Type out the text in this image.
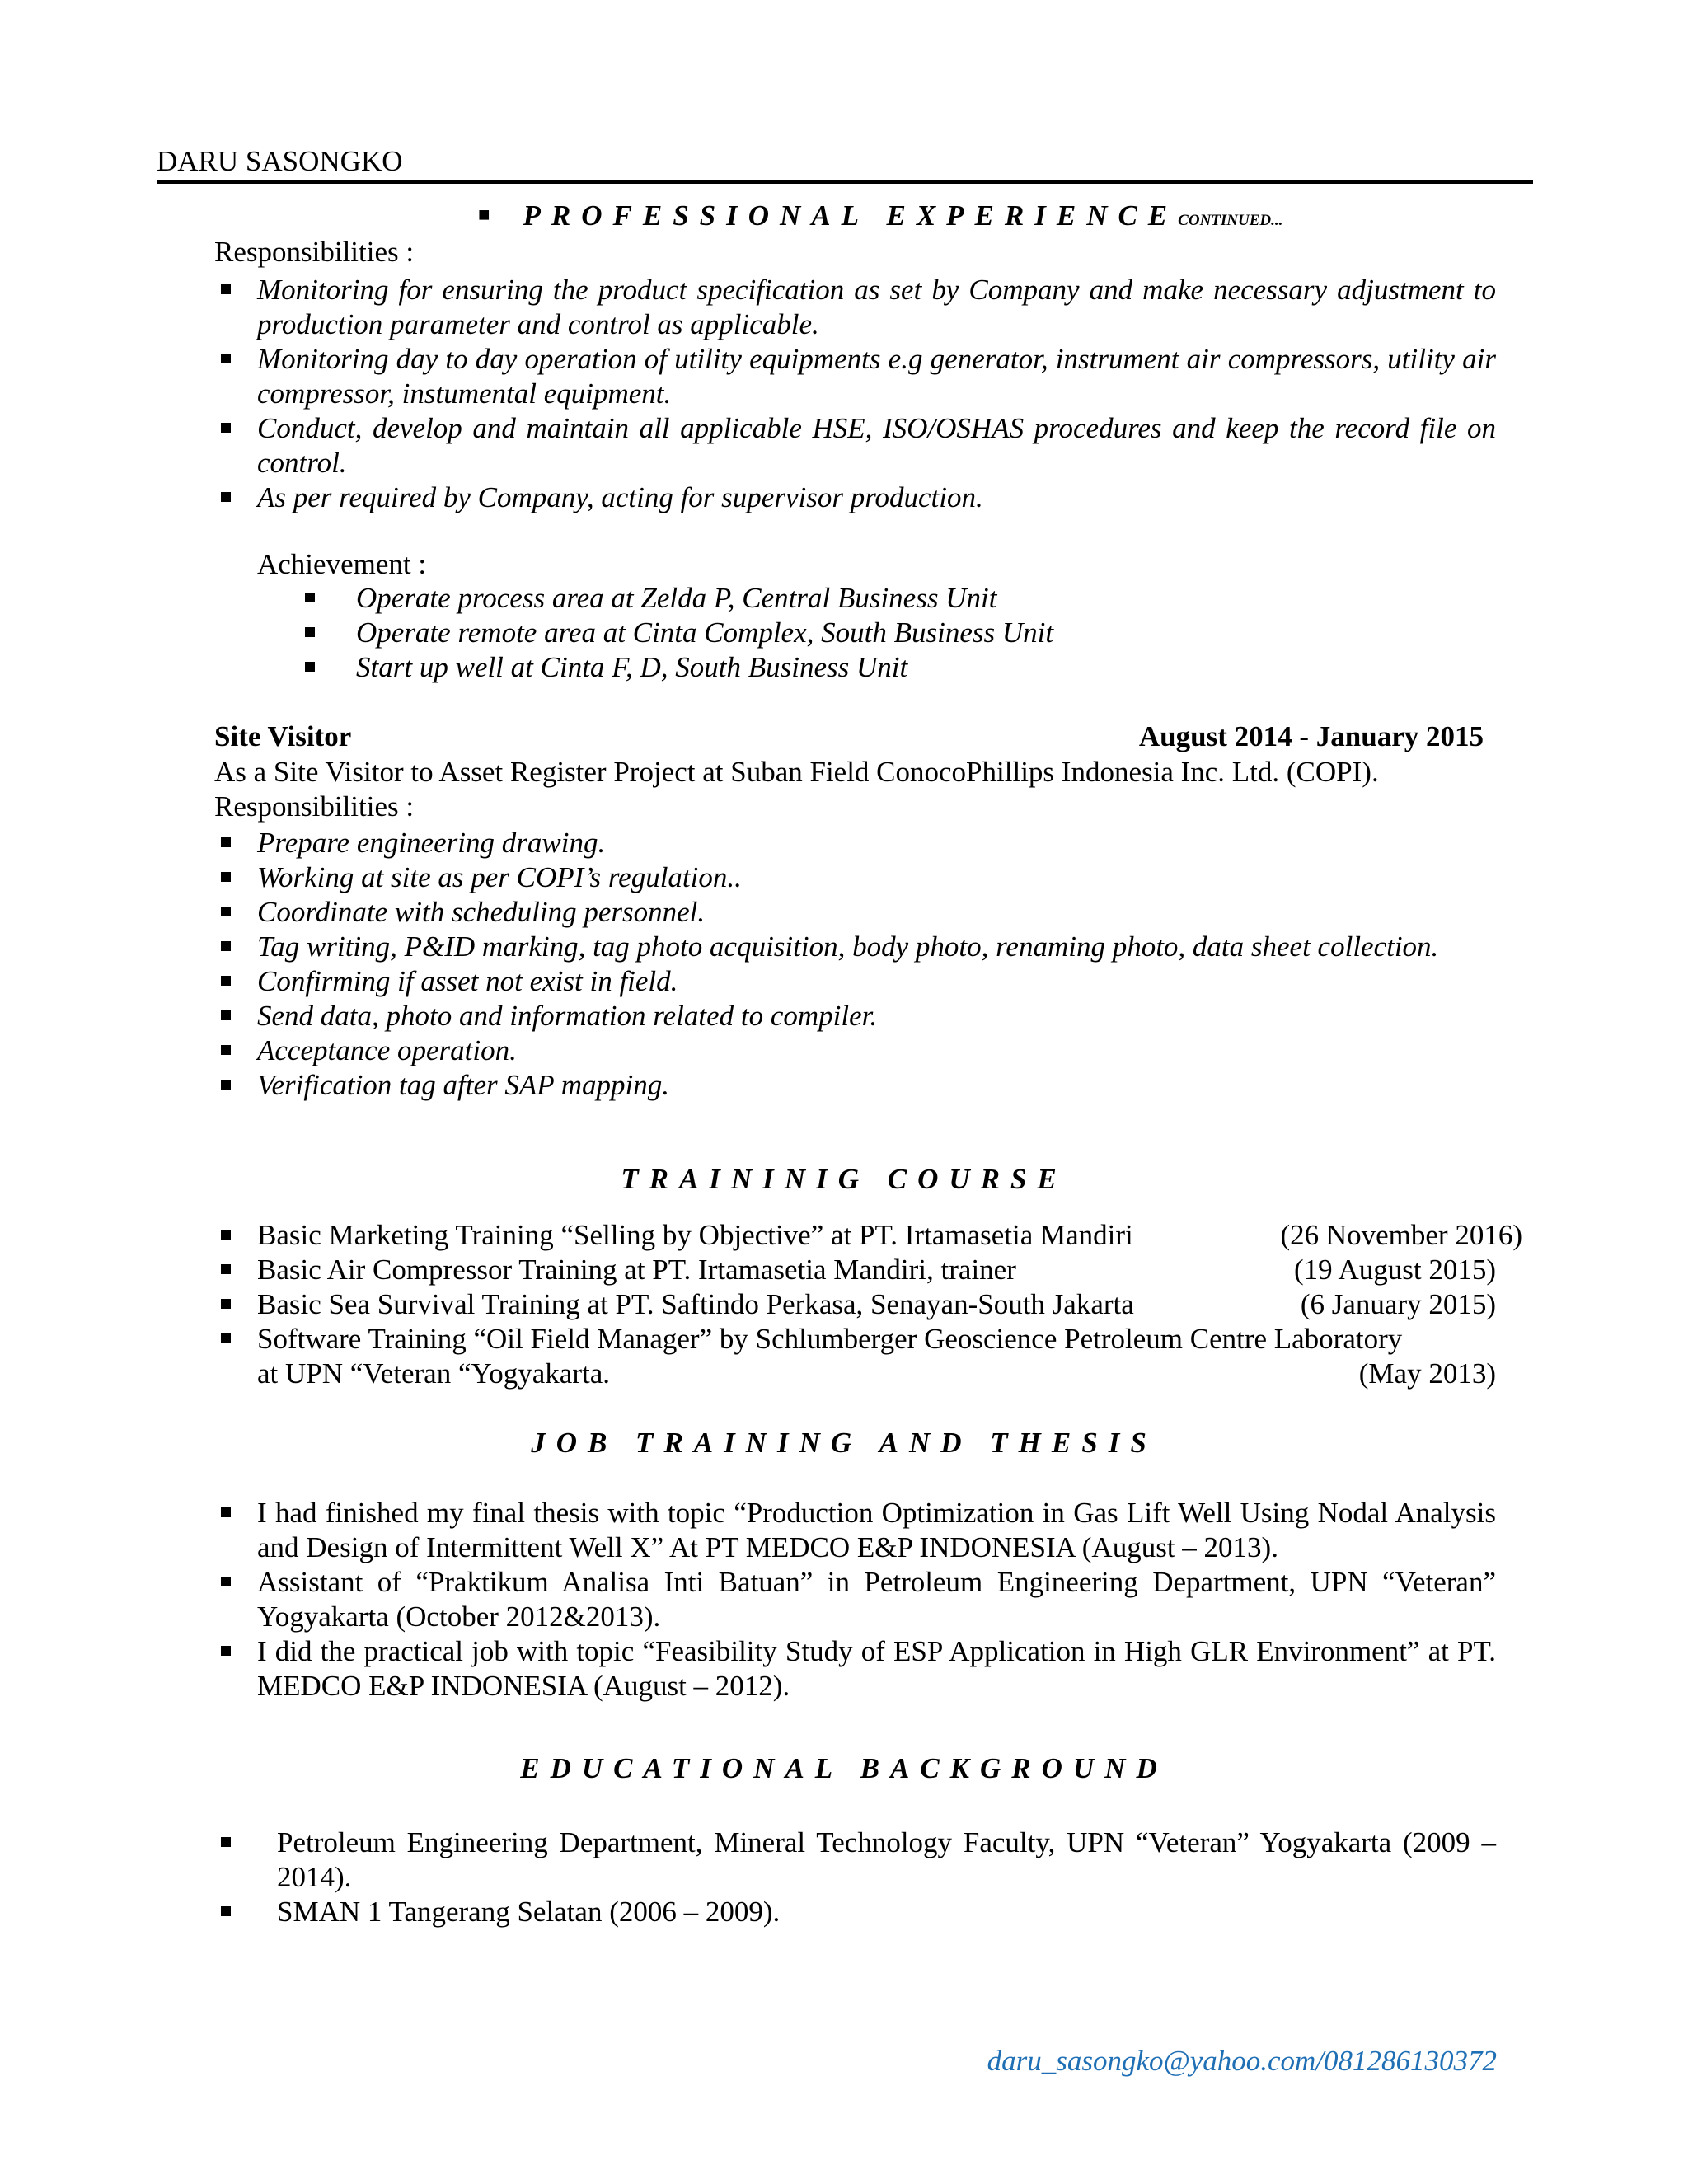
DARU SASONGKO
■ PROFESSIONAL EXPERIENCECONTINUED...
Responsibilities :
Monitoring for ensuring the product specification as set by Company and make necessary adjustment to production parameter and control as applicable.
Monitoring day to day operation of utility equipments e.g generator, instrument air compressors, utility air compressor, instumental equipment.
Conduct, develop and maintain all applicable HSE, ISO/OSHAS procedures and keep the record file on control.
As per required by Company, acting for supervisor production.
Achievement :
Operate process area at Zelda P, Central Business Unit
Operate remote area at Cinta Complex, South Business Unit
Start up well at Cinta F, D, South Business Unit
Site Visitor	August 2014 - January 2015
As a Site Visitor to Asset Register Project at Suban Field ConocoPhillips Indonesia Inc. Ltd. (COPI).
Responsibilities :
Prepare engineering drawing.
Working at site as per COPI’s regulation..
Coordinate with scheduling personnel.
Tag writing, P&ID marking, tag photo acquisition, body photo, renaming photo, data sheet collection.
Confirming if asset not exist in field.
Send data, photo and information related to compiler.
Acceptance operation.
Verification tag after SAP mapping.
TRAININIG COURSE
Basic Marketing Training “Selling by Objective” at PT. Irtamasetia Mandiri	(26 November 2016)
Basic Air Compressor Training at PT. Irtamasetia Mandiri, trainer	(19 August 2015)
Basic Sea Survival Training at PT. Saftindo Perkasa, Senayan-South Jakarta	(6 January 2015)
Software Training “Oil Field Manager” by Schlumberger Geoscience Petroleum Centre Laboratory
at UPN “Veteran “Yogyakarta.	(May 2013)
JOB TRAINING AND THESIS
I had finished my final thesis with topic “Production Optimization in Gas Lift Well Using Nodal Analysis and Design of Intermittent Well X” At PT MEDCO E&P INDONESIA (August – 2013).
Assistant of “Praktikum Analisa Inti Batuan” in Petroleum Engineering Department, UPN “Veteran” Yogyakarta (October 2012&2013).
I did the practical job with topic “Feasibility Study of ESP Application in High GLR Environment” at PT. MEDCO E&P INDONESIA (August – 2012).
EDUCATIONAL BACKGROUND
Petroleum Engineering Department, Mineral Technology Faculty, UPN “Veteran” Yogyakarta (2009 – 2014).
SMAN 1 Tangerang Selatan (2006 – 2009).
daru_sasongko@yahoo.com/081286130372
